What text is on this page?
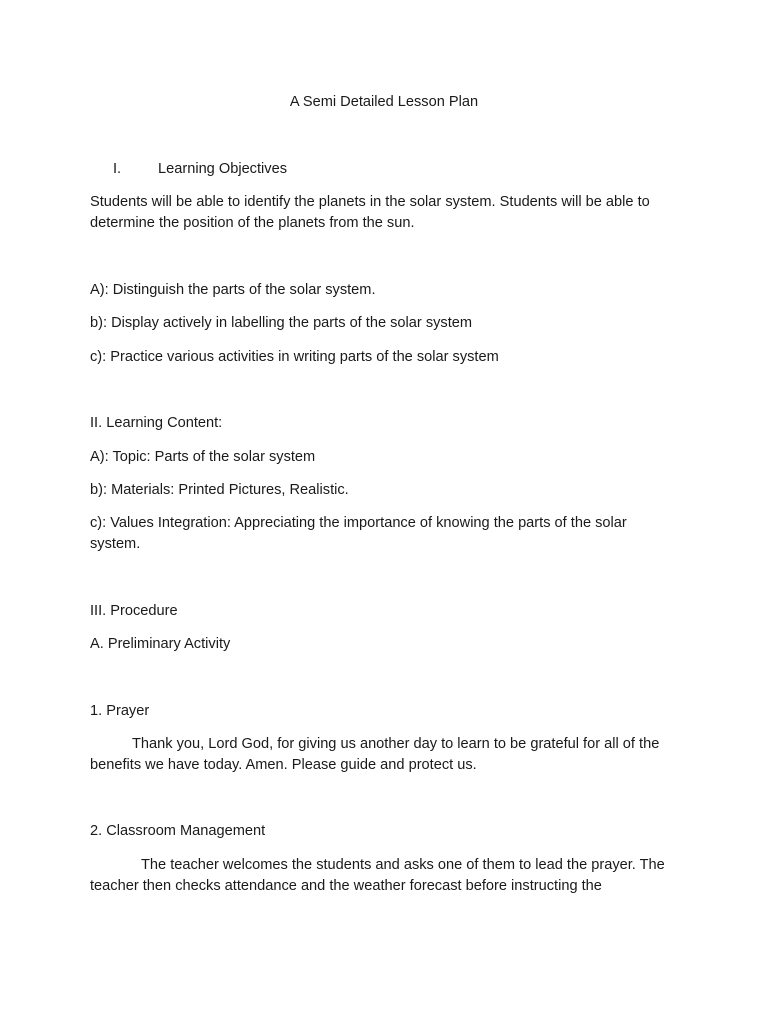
A Semi Detailed Lesson Plan
I.	Learning Objectives
Students will be able to identify the planets in the solar system. Students will be able to determine the position of the planets from the sun.
A): Distinguish the parts of the solar system.
b): Display actively in labelling the parts of the solar system
c): Practice various activities in writing parts of the solar system
II. Learning Content:
A): Topic: Parts of the solar system
b): Materials: Printed Pictures, Realistic.
c): Values Integration: Appreciating the importance of knowing the parts of the solar system.
III. Procedure
A. Preliminary Activity
1. Prayer
Thank you, Lord God, for giving us another day to learn to be grateful for all of the benefits we have today. Amen. Please guide and protect us.
2. Classroom Management
The teacher welcomes the students and asks one of them to lead the prayer. The teacher then checks attendance and the weather forecast before instructing the
